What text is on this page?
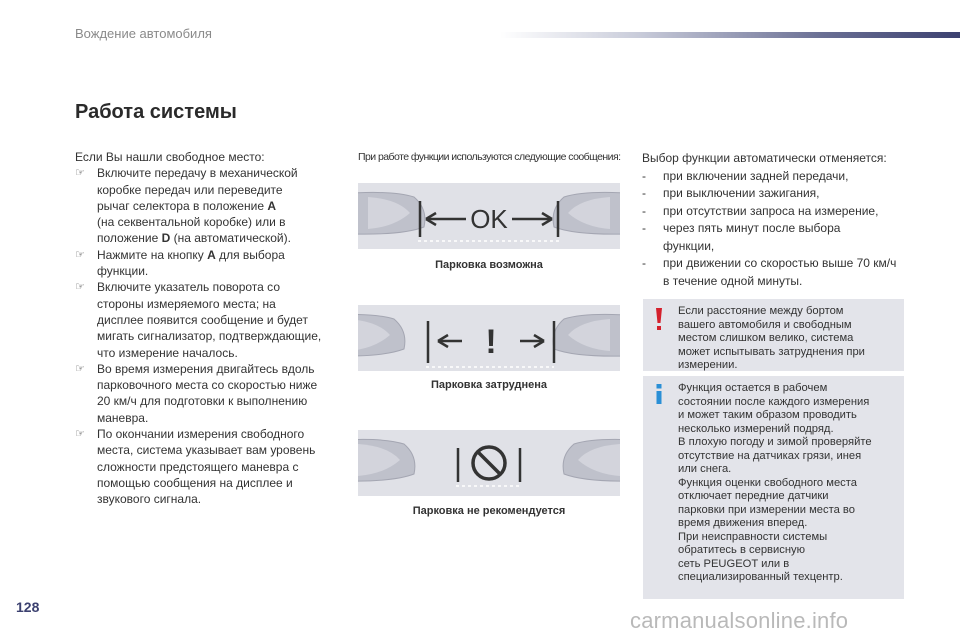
Вождение автомобиля
Работа системы

Если Вы нашли свободное место:

☞	Включите передачу в механической
коробке передач или переведите
рычаг селектора в положение A
(на секвентальной коробке) или в
положение D (на автоматической).
☞	Нажмите на кнопку A для выбора
функции.
☞	Включите указатель поворота со
стороны измеряемого места; на
дисплее появится сообщение и будет
мигать сигнализатор, подтверждающие,
что измерение началось.
☞	Во время измерения двигайтесь вдоль
парковочного места со скоростью ниже
20 км/ч для подготовки к выполнению
маневра.
☞	По окончании измерения свободного
места, система указывает вам уровень
сложности предстоящего маневра с
помощью сообщения на дисплее и
звукового сигнала.
При работе функции используются следующие сообщения:
OK
Парковка возможна
!
Парковка затруднена
Парковка не рекомендуется

Выбор функции автоматически отменяется:

-	при включении задней передачи,
-	при выключении зажигания,
-	при отсутствии запроса на измерение,
-	через пять минут после выбора
функции,
-	при движении со скоростью выше 70 км/ч
в течение одной минуты.

Если расстояние между бортом

вашего автомобиля и свободным

местом слишком велико, система

может испытывать затруднения при

измерении.

Функция остается в рабочем

состоянии после каждого измерения

и может таким образом проводить

несколько измерений подряд.

В плохую погоду и зимой проверяйте

отсутствие на датчиках грязи, инея

или снега.

Функция оценки свободного места

отключает передние датчики

парковки при измерении места во

время движения вперед.

При неисправности системы

обратитесь в сервисную

сеть PEUGEOT или в

специализированный техцентр.

128
carmanualsonline.info
